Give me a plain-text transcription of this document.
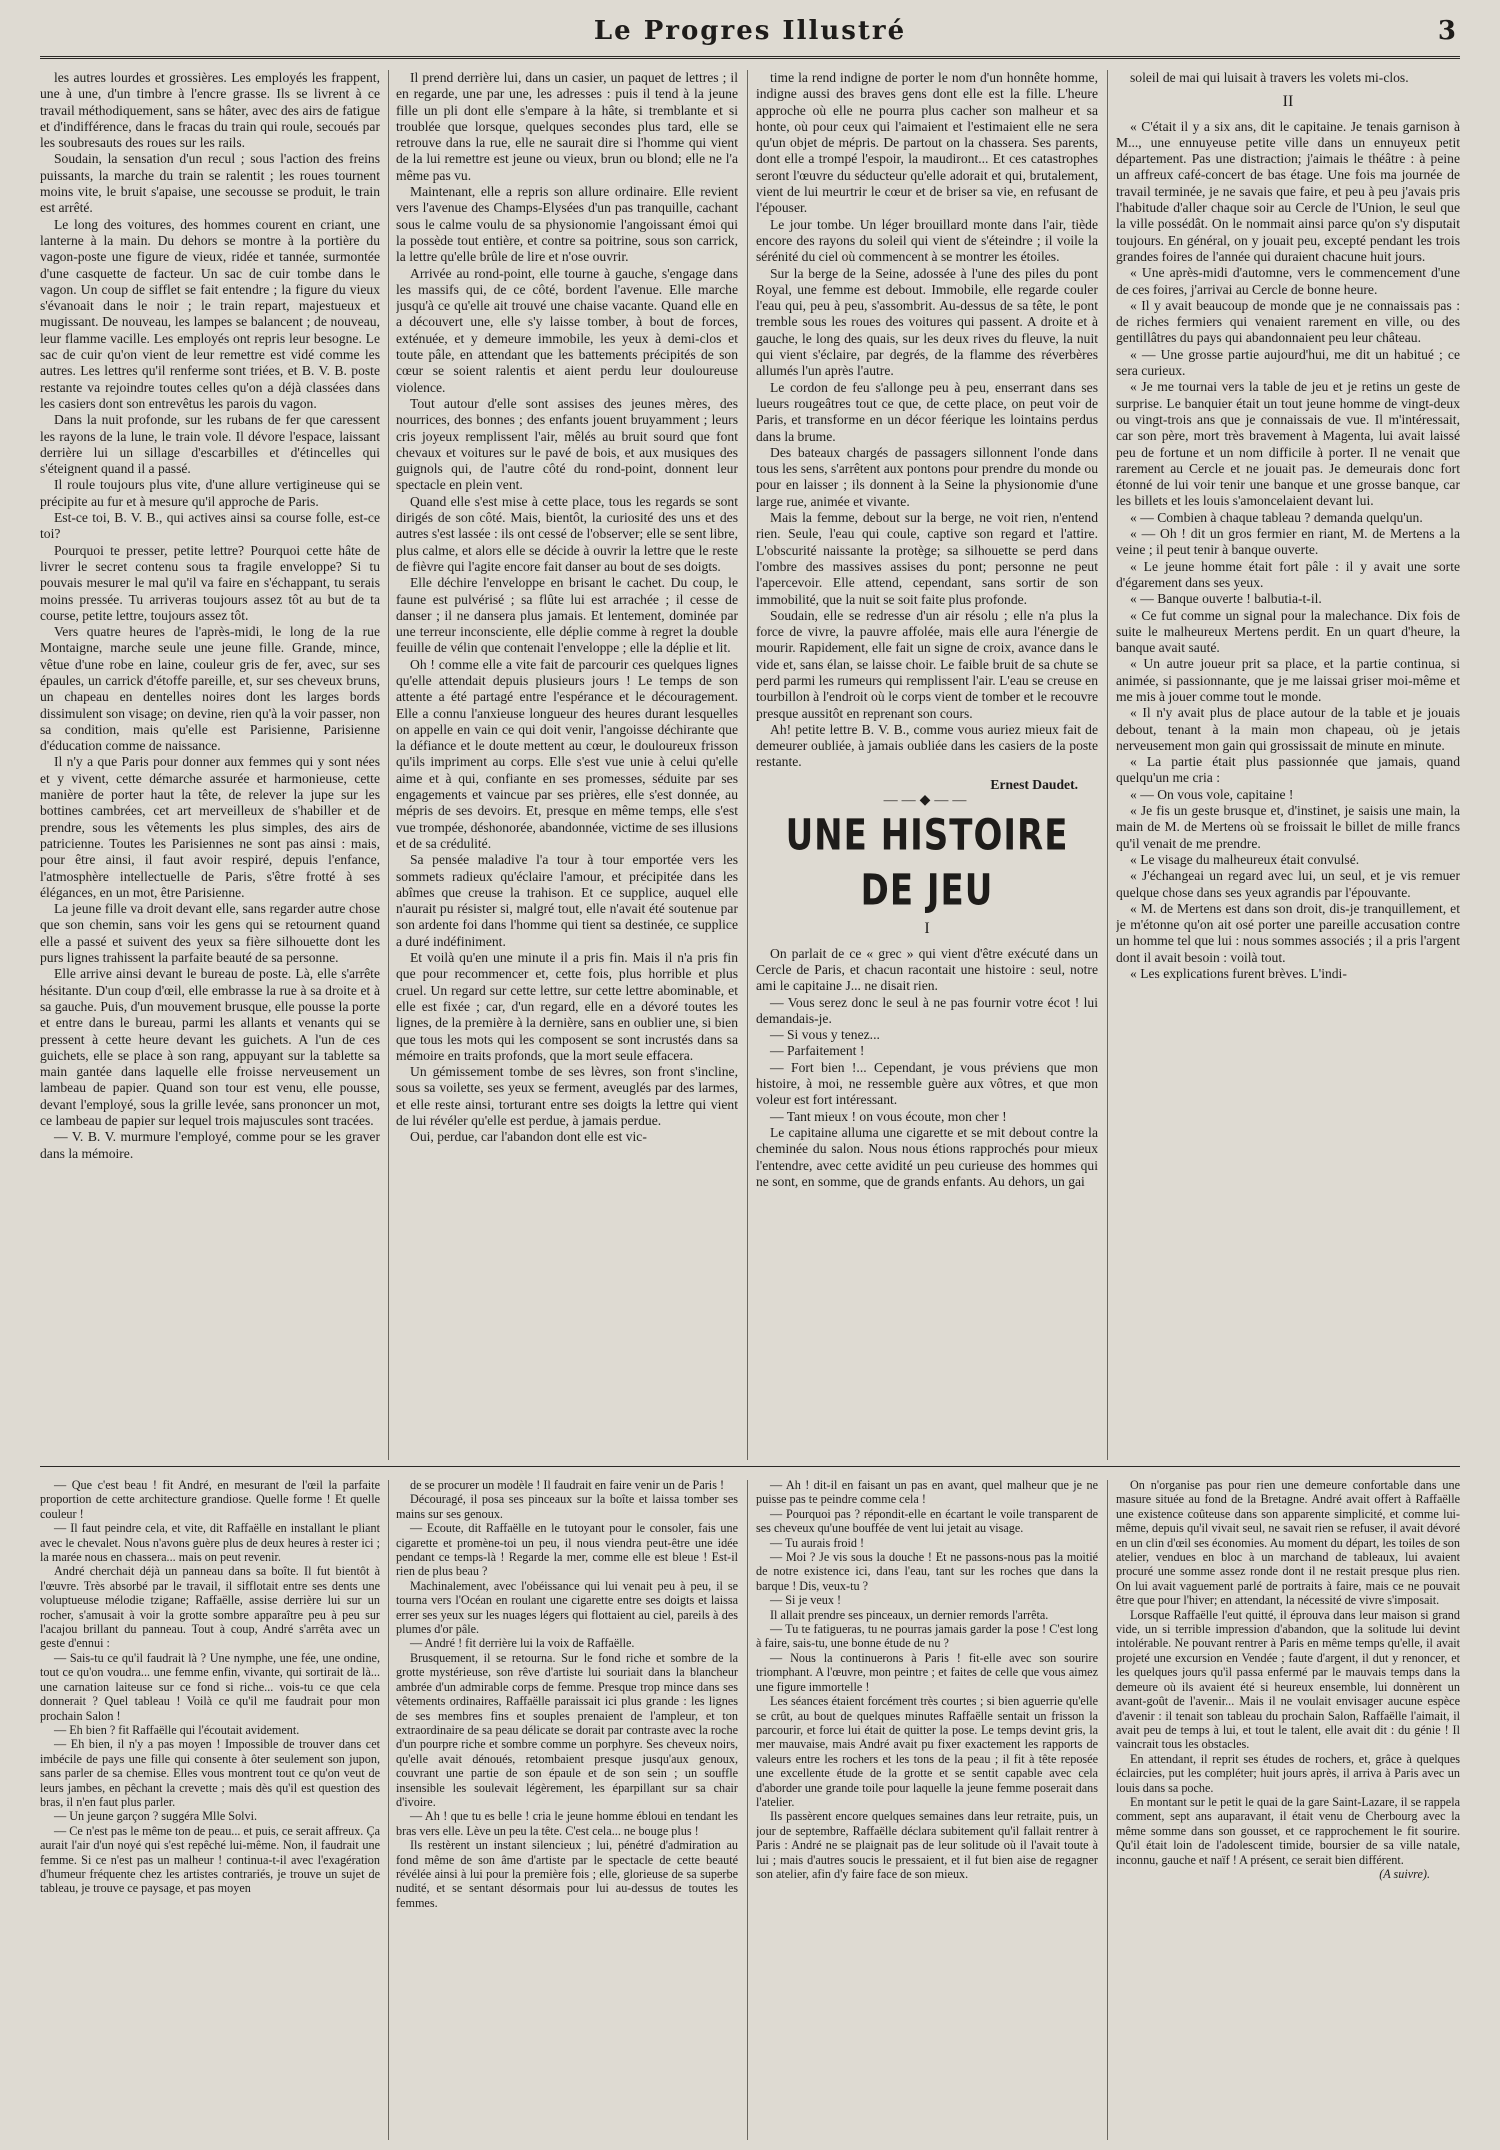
Le Progres Illustré	3

les autres lourdes et grossières. Les employés les frappent, une à une, d'un timbre à l'encre grasse. Ils se livrent à ce travail méthodiquement, sans se hâter, avec des airs de fatigue et d'indifférence, dans le fracas du train qui roule, secoués par les soubresauts des roues sur les rails.

Soudain, la sensation d'un recul ; sous l'action des freins puissants, la marche du train se ralentit ; les roues tournent moins vite, le bruit s'apaise, une secousse se produit, le train est arrêté.

Le long des voitures, des hommes courent en criant, une lanterne à la main. Du dehors se montre à la portière du vagon-poste une figure de vieux, ridée et tannée, surmontée d'une casquette de facteur. Un sac de cuir tombe dans le vagon. Un coup de sifflet se fait entendre ; la figure du vieux s'évanoait dans le noir ; le train repart, majestueux et mugissant. De nouveau, les lampes se balancent ; de nouveau, leur flamme vacille. Les employés ont repris leur besogne. Le sac de cuir qu'on vient de leur remettre est vidé comme les autres. Les lettres qu'il renferme sont triées, et B. V. B. poste restante va rejoindre toutes celles qu'on a déjà classées dans les casiers dont son entrevêtus les parois du vagon.

Dans la nuit profonde, sur les rubans de fer que caressent les rayons de la lune, le train vole. Il dévore l'espace, laissant derrière lui un sillage d'escarbilles et d'étincelles qui s'éteignent quand il a passé.

Il roule toujours plus vite, d'une allure vertigineuse qui se précipite au fur et à mesure qu'il approche de Paris.

Est-ce toi, B. V. B., qui actives ainsi sa course folle, est-ce toi?

Pourquoi te presser, petite lettre? Pourquoi cette hâte de livrer le secret contenu sous ta fragile enveloppe? Si tu pouvais mesurer le mal qu'il va faire en s'échappant, tu serais moins pressée. Tu arriveras toujours assez tôt au but de ta course, petite lettre, toujours assez tôt.

Vers quatre heures de l'après-midi, le long de la rue Montaigne, marche seule une jeune fille. Grande, mince, vêtue d'une robe en laine, couleur gris de fer, avec, sur ses épaules, un carrick d'étoffe pareille, et, sur ses cheveux bruns, un chapeau en dentelles noires dont les larges bords dissimulent son visage; on devine, rien qu'à la voir passer, non sa condition, mais qu'elle est Parisienne, Parisienne d'éducation comme de naissance.

Il n'y a que Paris pour donner aux femmes qui y sont nées et y vivent, cette démarche assurée et harmonieuse, cette manière de porter haut la tête, de relever la jupe sur les bottines cambrées, cet art merveilleux de s'habiller et de prendre, sous les vêtements les plus simples, des airs de patricienne. Toutes les Parisiennes ne sont pas ainsi : mais, pour être ainsi, il faut avoir respiré, depuis l'enfance, l'atmosphère intellectuelle de Paris, s'être frotté à ses élégances, en un mot, être Parisienne.

La jeune fille va droit devant elle, sans regarder autre chose que son chemin, sans voir les gens qui se retournent quand elle a passé et suivent des yeux sa fière silhouette dont les purs lignes trahissent la parfaite beauté de sa personne.

Elle arrive ainsi devant le bureau de poste. Là, elle s'arrête hésitante. D'un coup d'œil, elle embrasse la rue à sa droite et à sa gauche. Puis, d'un mouvement brusque, elle pousse la porte et entre dans le bureau, parmi les allants et venants qui se pressent à cette heure devant les guichets. A l'un de ces guichets, elle se place à son rang, appuyant sur la tablette sa main gantée dans laquelle elle froisse nerveusement un lambeau de papier. Quand son tour est venu, elle pousse, devant l'employé, sous la grille levée, sans prononcer un mot, ce lambeau de papier sur lequel trois majuscules sont tracées.

— V. B. V. murmure l'employé, comme pour se les graver dans la mémoire.

Il prend derrière lui, dans un casier, un paquet de lettres ; il en regarde, une par une, les adresses : puis il tend à la jeune fille un pli dont elle s'empare à la hâte, si tremblante et si troublée que lorsque, quelques secondes plus tard, elle se retrouve dans la rue, elle ne saurait dire si l'homme qui vient de la lui remettre est jeune ou vieux, brun ou blond; elle ne l'a même pas vu.

Maintenant, elle a repris son allure ordinaire. Elle revient vers l'avenue des Champs-Elysées d'un pas tranquille, cachant sous le calme voulu de sa physionomie l'angoissant émoi qui la possède tout entière, et contre sa poitrine, sous son carrick, la lettre qu'elle brûle de lire et n'ose ouvrir.

Arrivée au rond-point, elle tourne à gauche, s'engage dans les massifs qui, de ce côté, bordent l'avenue. Elle marche jusqu'à ce qu'elle ait trouvé une chaise vacante. Quand elle en a découvert une, elle s'y laisse tomber, à bout de forces, exténuée, et y demeure immobile, les yeux à demi-clos et toute pâle, en attendant que les battements précipités de son cœur se soient ralentis et aient perdu leur douloureuse violence.

Tout autour d'elle sont assises des jeunes mères, des nourrices, des bonnes ; des enfants jouent bruyamment ; leurs cris joyeux remplissent l'air, mêlés au bruit sourd que font chevaux et voitures sur le pavé de bois, et aux musiques des guignols qui, de l'autre côté du rond-point, donnent leur spectacle en plein vent.

Quand elle s'est mise à cette place, tous les regards se sont dirigés de son côté. Mais, bientôt, la curiosité des uns et des autres s'est lassée : ils ont cessé de l'observer; elle se sent libre, plus calme, et alors elle se décide à ouvrir la lettre que le reste de fièvre qui l'agite encore fait danser au bout de ses doigts.

Elle déchire l'enveloppe en brisant le cachet. Du coup, le faune est pulvérisé ; sa flûte lui est arrachée ; il cesse de danser ; il ne dansera plus jamais. Et lentement, dominée par une terreur inconsciente, elle déplie comme à regret la double feuille de vélin que contenait l'enveloppe ; elle la déplie et lit.

Oh ! comme elle a vite fait de parcourir ces quelques lignes qu'elle attendait depuis plusieurs jours ! Le temps de son attente a été partagé entre l'espérance et le découragement. Elle a connu l'anxieuse longueur des heures durant lesquelles on appelle en vain ce qui doit venir, l'angoisse déchirante que la défiance et le doute mettent au cœur, le douloureux frisson qu'ils impriment au corps. Elle s'est vue unie à celui qu'elle aime et à qui, confiante en ses promesses, séduite par ses engagements et vaincue par ses prières, elle s'est donnée, au mépris de ses devoirs. Et, presque en même temps, elle s'est vue trompée, déshonorée, abandonnée, victime de ses illusions et de sa crédulité.

Sa pensée maladive l'a tour à tour emportée vers les sommets radieux qu'éclaire l'amour, et précipitée dans les abîmes que creuse la trahison. Et ce supplice, auquel elle n'aurait pu résister si, malgré tout, elle n'avait été soutenue par son ardente foi dans l'homme qui tient sa destinée, ce supplice a duré indéfiniment.

Et voilà qu'en une minute il a pris fin. Mais il n'a pris fin que pour recommencer et, cette fois, plus horrible et plus cruel. Un regard sur cette lettre, sur cette lettre abominable, et elle est fixée ; car, d'un regard, elle en a dévoré toutes les lignes, de la première à la dernière, sans en oublier une, si bien que tous les mots qui les composent se sont incrustés dans sa mémoire en traits profonds, que la mort seule effacera.

Un gémissement tombe de ses lèvres, son front s'incline, sous sa voilette, ses yeux se ferment, aveuglés par des larmes, et elle reste ainsi, torturant entre ses doigts la lettre qui vient de lui révéler qu'elle est perdue, à jamais perdue.

Oui, perdue, car l'abandon dont elle est vic-

time la rend indigne de porter le nom d'un honnête homme, indigne aussi des braves gens dont elle est la fille. L'heure approche où elle ne pourra plus cacher son malheur et sa honte, où pour ceux qui l'aimaient et l'estimaient elle ne sera qu'un objet de mépris. De partout on la chassera. Ses parents, dont elle a trompé l'espoir, la maudiront... Et ces catastrophes seront l'œuvre du séducteur qu'elle adorait et qui, brutalement, vient de lui meurtrir le cœur et de briser sa vie, en refusant de l'épouser.

Le jour tombe. Un léger brouillard monte dans l'air, tiède encore des rayons du soleil qui vient de s'éteindre ; il voile la sérénité du ciel où commencent à se montrer les étoiles.

Sur la berge de la Seine, adossée à l'une des piles du pont Royal, une femme est debout. Immobile, elle regarde couler l'eau qui, peu à peu, s'assombrit. Au-dessus de sa tête, le pont tremble sous les roues des voitures qui passent. A droite et à gauche, le long des quais, sur les deux rives du fleuve, la nuit qui vient s'éclaire, par degrés, de la flamme des réverbères allumés l'un après l'autre.

Le cordon de feu s'allonge peu à peu, enserrant dans ses lueurs rougeâtres tout ce que, de cette place, on peut voir de Paris, et transforme en un décor féerique les lointains perdus dans la brume.

Des bateaux chargés de passagers sillonnent l'onde dans tous les sens, s'arrêtent aux pontons pour prendre du monde ou pour en laisser ; ils donnent à la Seine la physionomie d'une large rue, animée et vivante.

Mais la femme, debout sur la berge, ne voit rien, n'entend rien. Seule, l'eau qui coule, captive son regard et l'attire. L'obscurité naissante la protège; sa silhouette se perd dans l'ombre des massives assises du pont; personne ne peut l'apercevoir. Elle attend, cependant, sans sortir de son immobilité, que la nuit se soit faite plus profonde.

Soudain, elle se redresse d'un air résolu ; elle n'a plus la force de vivre, la pauvre affolée, mais elle aura l'énergie de mourir. Rapidement, elle fait un signe de croix, avance dans le vide et, sans élan, se laisse choir. Le faible bruit de sa chute se perd parmi les rumeurs qui remplissent l'air. L'eau se creuse en tourbillon à l'endroit où le corps vient de tomber et le recouvre presque aussitôt en reprenant son cours.

Ah! petite lettre B. V. B., comme vous auriez mieux fait de demeurer oubliée, à jamais oubliée dans les casiers de la poste restante.

Ernest Daudet.

——◆——

UNE HISTOIRE DE JEU

I

On parlait de ce « grec » qui vient d'être exécuté dans un Cercle de Paris, et chacun racontait une histoire : seul, notre ami le capitaine J... ne disait rien.

— Vous serez donc le seul à ne pas fournir votre écot ! lui demandais-je.

— Si vous y tenez...

— Parfaitement !

— Fort bien !... Cependant, je vous préviens que mon histoire, à moi, ne ressemble guère aux vôtres, et que mon voleur est fort intéressant.

— Tant mieux ! on vous écoute, mon cher !

Le capitaine alluma une cigarette et se mit debout contre la cheminée du salon. Nous nous étions rapprochés pour mieux l'entendre, avec cette avidité un peu curieuse des hommes qui ne sont, en somme, que de grands enfants. Au dehors, un gai

soleil de mai qui luisait à travers les volets mi-clos.

II

« C'était il y a six ans, dit le capitaine. Je tenais garnison à M..., une ennuyeuse petite ville dans un ennuyeux petit département. Pas une distraction; j'aimais le théâtre : à peine un affreux café-concert de bas étage. Une fois ma journée de travail terminée, je ne savais que faire, et peu à peu j'avais pris l'habitude d'aller chaque soir au Cercle de l'Union, le seul que la ville possédât. On le nommait ainsi parce qu'on s'y disputait toujours. En général, on y jouait peu, excepté pendant les trois grandes foires de l'année qui duraient chacune huit jours.

« Une après-midi d'automne, vers le commencement d'une de ces foires, j'arrivai au Cercle de bonne heure.

« Il y avait beaucoup de monde que je ne connaissais pas : de riches fermiers qui venaient rarement en ville, ou des gentillâtres du pays qui abandonnaient peu leur château.

« — Une grosse partie aujourd'hui, me dit un habitué ; ce sera curieux.

« Je me tournai vers la table de jeu et je retins un geste de surprise. Le banquier était un tout jeune homme de vingt-deux ou vingt-trois ans que je connaissais de vue. Il m'intéressait, car son père, mort très bravement à Magenta, lui avait laissé peu de fortune et un nom difficile à porter. Il ne venait que rarement au Cercle et ne jouait pas. Je demeurais donc fort étonné de lui voir tenir une banque et une grosse banque, car les billets et les louis s'amoncelaient devant lui.

« — Combien à chaque tableau ? demanda quelqu'un.

« — Oh ! dit un gros fermier en riant, M. de Mertens a la veine ; il peut tenir à banque ouverte.

« Le jeune homme était fort pâle : il y avait une sorte d'égarement dans ses yeux.

« — Banque ouverte ! balbutia-t-il.

« Ce fut comme un signal pour la malechance. Dix fois de suite le malheureux Mertens perdit. En un quart d'heure, la banque avait sauté.

« Un autre joueur prit sa place, et la partie continua, si animée, si passionnante, que je me laissai griser moi-même et me mis à jouer comme tout le monde.

« Il n'y avait plus de place autour de la table et je jouais debout, tenant à la main mon chapeau, où je jetais nerveusement mon gain qui grossissait de minute en minute.

« La partie était plus passionnée que jamais, quand quelqu'un me cria :

« — On vous vole, capitaine !

« Je fis un geste brusque et, d'instinet, je saisis une main, la main de M. de Mertens où se froissait le billet de mille francs qu'il venait de me prendre.

« Le visage du malheureux était convulsé.

« J'échangeai un regard avec lui, un seul, et je vis remuer quelque chose dans ses yeux agrandis par l'épouvante.

« M. de Mertens est dans son droit, dis-je tranquillement, et je m'étonne qu'on ait osé porter une pareille accusation contre un homme tel que lui : nous sommes associés ; il a pris l'argent dont il avait besoin : voilà tout.

« Les explications furent brèves. L'indi-

— Que c'est beau ! fit André, en mesurant de l'œil la parfaite proportion de cette architecture grandiose. Quelle forme ! Et quelle couleur !

— Il faut peindre cela, et vite, dit Raffaëlle en installant le pliant avec le chevalet. Nous n'avons guère plus de deux heures à rester ici ; la marée nous en chassera... mais on peut revenir.

André cherchait déjà un panneau dans sa boîte. Il fut bientôt à l'œuvre. Très absorbé par le travail, il sifflotait entre ses dents une voluptueuse mélodie tzigane; Raffaëlle, assise derrière lui sur un rocher, s'amusait à voir la grotte sombre apparaître peu à peu sur l'acajou brillant du panneau. Tout à coup, André s'arrêta avec un geste d'ennui :

— Sais-tu ce qu'il faudrait là ? Une nymphe, une fée, une ondine, tout ce qu'on voudra... une femme enfin, vivante, qui sortirait de là... une carnation laiteuse sur ce fond si riche... vois-tu ce que cela donnerait ? Quel tableau ! Voilà ce qu'il me faudrait pour mon prochain Salon !

— Eh bien ? fit Raffaëlle qui l'écoutait avidement.

— Eh bien, il n'y a pas moyen ! Impossible de trouver dans cet imbécile de pays une fille qui consente à ôter seulement son jupon, sans parler de sa chemise. Elles vous montrent tout ce qu'on veut de leurs jambes, en pêchant la crevette ; mais dès qu'il est question des bras, il n'en faut plus parler.

— Un jeune garçon ? suggéra Mlle Solvi.

— Ce n'est pas le même ton de peau... et puis, ce serait affreux. Ça aurait l'air d'un noyé qui s'est repêché lui-même. Non, il faudrait une femme. Si ce n'est pas un malheur ! continua-t-il avec l'exagération d'humeur fréquente chez les artistes contrariés, je trouve un sujet de tableau, je trouve ce paysage, et pas moyen

de se procurer un modèle ! Il faudrait en faire venir un de Paris !

Découragé, il posa ses pinceaux sur la boîte et laissa tomber ses mains sur ses genoux.

— Ecoute, dit Raffaëlle en le tutoyant pour le consoler, fais une cigarette et promène-toi un peu, il nous viendra peut-être une idée pendant ce temps-là ! Regarde la mer, comme elle est bleue ! Est-il rien de plus beau ?

Machinalement, avec l'obéissance qui lui venait peu à peu, il se tourna vers l'Océan en roulant une cigarette entre ses doigts et laissa errer ses yeux sur les nuages légers qui flottaient au ciel, pareils à des plumes d'or pâle.

— André ! fit derrière lui la voix de Raffaëlle.

Brusquement, il se retourna. Sur le fond riche et sombre de la grotte mystérieuse, son rêve d'artiste lui souriait dans la blancheur ambrée d'un admirable corps de femme. Presque trop mince dans ses vêtements ordinaires, Raffaëlle paraissait ici plus grande : les lignes de ses membres fins et souples prenaient de l'ampleur, et ton extraordinaire de sa peau délicate se dorait par contraste avec la roche d'un pourpre riche et sombre comme un porphyre. Ses cheveux noirs, qu'elle avait dénoués, retombaient presque jusqu'aux genoux, couvrant une partie de son épaule et de son sein ; un souffle insensible les soulevait légèrement, les éparpillant sur sa chair d'ivoire.

— Ah ! que tu es belle ! cria le jeune homme ébloui en tendant les bras vers elle. Lève un peu la tête. C'est cela... ne bouge plus !

Ils restèrent un instant silencieux ; lui, pénétré d'admiration au fond même de son âme d'artiste par le spectacle de cette beauté révélée ainsi à lui pour la première fois ; elle, glorieuse de sa superbe nudité, et se sentant désormais pour lui au-dessus de toutes les femmes.

— Ah ! dit-il en faisant un pas en avant, quel malheur que je ne puisse pas te peindre comme cela !

— Pourquoi pas ? répondit-elle en écartant le voile transparent de ses cheveux qu'une bouffée de vent lui jetait au visage.

— Tu aurais froid !

— Moi ? Je vis sous la douche ! Et ne passons-nous pas la moitié de notre existence ici, dans l'eau, tant sur les roches que dans la barque ! Dis, veux-tu ?

— Si je veux !

Il allait prendre ses pinceaux, un dernier remords l'arrêta.

— Tu te fatigueras, tu ne pourras jamais garder la pose ! C'est long à faire, sais-tu, une bonne étude de nu ?

— Nous la continuerons à Paris ! fit-elle avec son sourire triomphant. A l'œuvre, mon peintre ; et faites de celle que vous aimez une figure immortelle !

Les séances étaient forcément très courtes ; si bien aguerrie qu'elle se crût, au bout de quelques minutes Raffaëlle sentait un frisson la parcourir, et force lui était de quitter la pose. Le temps devint gris, la mer mauvaise, mais André avait pu fixer exactement les rapports de valeurs entre les rochers et les tons de la peau ; il fit à tête reposée une excellente étude de la grotte et se sentit capable avec cela d'aborder une grande toile pour laquelle la jeune femme poserait dans l'atelier.

Ils passèrent encore quelques semaines dans leur retraite, puis, un jour de septembre, Raffaëlle déclara subitement qu'il fallait rentrer à Paris : André ne se plaignait pas de leur solitude où il l'avait toute à lui ; mais d'autres soucis le pressaient, et il fut bien aise de regagner son atelier, afin d'y faire face de son mieux.

On n'organise pas pour rien une demeure confortable dans une masure située au fond de la Bretagne. André avait offert à Raffaëlle une existence coûteuse dans son apparente simplicité, et comme lui-même, depuis qu'il vivait seul, ne savait rien se refuser, il avait dévoré en un clin d'œil ses économies. Au moment du départ, les toiles de son atelier, vendues en bloc à un marchand de tableaux, lui avaient procuré une somme assez ronde dont il ne restait presque plus rien. On lui avait vaguement parlé de portraits à faire, mais ce ne pouvait être que pour l'hiver; en attendant, la nécessité de vivre s'imposait.

Lorsque Raffaëlle l'eut quitté, il éprouva dans leur maison si grand vide, un si terrible impression d'abandon, que la solitude lui devint intolérable. Ne pouvant rentrer à Paris en même temps qu'elle, il avait projeté une excursion en Vendée ; faute d'argent, il dut y renoncer, et les quelques jours qu'il passa enfermé par le mauvais temps dans la demeure où ils avaient été si heureux ensemble, lui donnèrent un avant-goût de l'avenir... Mais il ne voulait envisager aucune espèce d'avenir : il tenait son tableau du prochain Salon, Raffaëlle l'aimait, il avait peu de temps à lui, et tout le talent, elle avait dit : du génie ! Il vaincrait tous les obstacles.

En attendant, il reprit ses études de rochers, et, grâce à quelques éclaircies, put les compléter; huit jours après, il arriva à Paris avec un louis dans sa poche.

En montant sur le petit le quai de la gare Saint-Lazare, il se rappela comment, sept ans auparavant, il était venu de Cherbourg avec la même somme dans son gousset, et ce rapprochement le fit sourire. Qu'il était loin de l'adolescent timide, boursier de sa ville natale, inconnu, gauche et naïf ! A présent, ce serait bien différent.

(A suivre).
